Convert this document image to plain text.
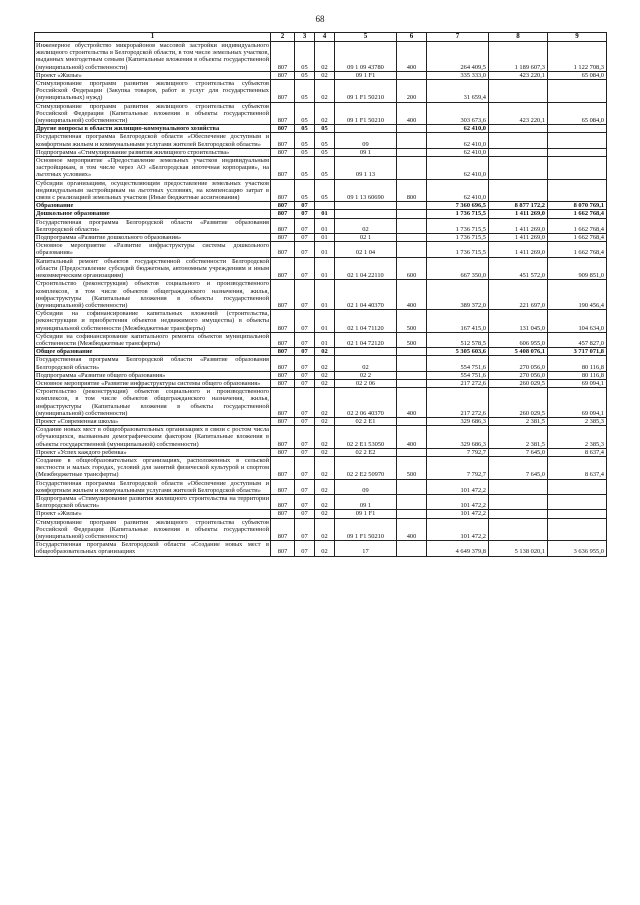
68
1	2	3	4	5	6	7	8	9
Инженерное обустройство микрорайонов массовой застройки индивидуального жилищного строительства в Белгородской области, в том числе земельных участков, выданных многодетным семьям (Капитальные вложения в объекты государственной (муниципальной) собственности)	807	05	02	09 1 09 43780	400	264 409,5	1 189 607,3	1 122 708,3
Проект «Жилье»	807	05	02	09 1 F1		335 333,0	423 220,1	65 084,0
Стимулирование программ развития жилищного строительства субъектов Российской Федерации (Закупка товаров, работ и услуг для государственных (муниципальных) нужд)	807	05	02	09 1 F1 50210	200	31 659,4		
Стимулирование программ развития жилищного строительства субъектов Российской Федерации (Капитальные вложения в объекты государственной (муниципальной) собственности)	807	05	02	09 1 F1 50210	400	303 673,6	423 220,1	65 084,0
Другие вопросы в области жилищно-коммунального хозяйства	807	05	05			62 410,0		
Государственная программа Белгородской области «Обеспечение доступным и комфортным жильем и коммунальными услугами жителей Белгородской области»	807	05	05	09		62 410,0		
Подпрограмма «Стимулирование развития жилищного строительства»	807	05	05	09 1		62 410,0		
Основное мероприятие «Предоставление земельных участков индивидуальным застройщикам, в том числе через АО «Белгородская ипотечная корпорация», на льготных условиях»	807	05	05	09 1 13		62 410,0		
Субсидии организациям, осуществляющим предоставление земельных участков индивидуальным застройщикам на льготных условиях, на компенсацию затрат в связи с реализацией земельных участков (Иные бюджетные ассигнования)	807	05	05	09 1 13 60690	800	62 410,0		
Образование	807	07				7 360 696,5	8 877 172,2	8 070 769,1
Дошкольное образование	807	07	01			1 736 715,5	1 411 269,0	1 662 768,4
Государственная программа Белгородской области «Развитие образования Белгородской области»	807	07	01	02		1 736 715,5	1 411 269,0	1 662 768,4
Подпрограмма «Развитие дошкольного образования»	807	07	01	02 1		1 736 715,5	1 411 269,0	1 662 768,4
Основное мероприятие «Развитие инфраструктуры системы дошкольного образования»	807	07	01	02 1 04		1 736 715,5	1 411 269,0	1 662 768,4
Капитальный ремонт объектов государственной собственности Белгородской области (Предоставление субсидий бюджетным, автономным учреждениям и иным некоммерческим организациям)	807	07	01	02 1 04 22110	600	667 350,0	451 572,0	909 851,0
Строительство (реконструкция) объектов социального и производственного комплексов, в том числе объектов общегражданского назначения, жилья, инфраструктуры (Капитальные вложения в объекты государственной (муниципальной) собственности)	807	07	01	02 1 04 40370	400	389 372,0	221 697,0	190 456,4
Субсидии на софинансирование капитальных вложений (строительства, реконструкции и приобретения объектов недвижимого имущества) в объекты муниципальной собственности (Межбюджетные трансферты)	807	07	01	02 1 04 71120	500	167 415,0	131 045,0	104 634,0
Субсидии на софинансирование капитального ремонта объектов муниципальной собственности (Межбюджетные трансферты)	807	07	01	02 1 04 72120	500	512 578,5	606 955,0	457 827,0
Общее образование	807	07	02			5 305 603,6	5 408 076,1	3 717 071,8
Государственная программа Белгородской области «Развитие образования Белгородской области»	807	07	02	02		554 751,6	270 056,0	80 116,8
Подпрограмма «Развитие общего образования»	807	07	02	02 2		554 751,6	270 056,0	80 116,8
Основное мероприятие «Развитие инфраструктуры системы общего образования»	807	07	02	02 2 06		217 272,6	260 029,5	69 094,1
Строительство (реконструкция) объектов социального и производственного комплексов, в том числе объектов общегражданского назначения, жилья, инфраструктуры (Капитальные вложения в объекты государственной (муниципальной) собственности)	807	07	02	02 2 06 40370	400	217 272,6	260 029,5	69 094,1
Проект «Современная школа»	807	07	02	02 2 E1		329 686,3	2 381,5	2 385,3
Создание новых мест в общеобразовательных организациях в связи с ростом числа обучающихся, вызванным демографическим фактором (Капитальные вложения в объекты государственной (муниципальной) собственности)	807	07	02	02 2 E1 53050	400	329 686,3	2 381,5	2 385,3
Проект «Успех каждого ребенка»	807	07	02	02 2 E2		7 792,7	7 645,0	8 637,4
Создание в общеобразовательных организациях, расположенных в сельской местности и малых городах, условий для занятий физической культурой и спортом (Межбюджетные трансферты)	807	07	02	02 2 E2 50970	500	7 792,7	7 645,0	8 637,4
Государственная программа Белгородской области «Обеспечение доступным и комфортным жильем и коммунальными услугами жителей Белгородской области»	807	07	02	09		101 472,2		
Подпрограмма «Стимулирование развития жилищного строительства на территории Белгородской области»	807	07	02	09 1		101 472,2		
Проект «Жилье»	807	07	02	09 1 F1		101 472,2		
Стимулирование программ развития жилищного строительства субъектов Российской Федерации (Капитальные вложения в объекты государственной (муниципальной) собственности)	807	07	02	09 1 F1 50210	400	101 472,2		
Государственная программа Белгородской области «Создание новых мест в общеобразовательных организациях	807	07	02	17		4 649 379,8	5 138 020,1	3 636 955,0
